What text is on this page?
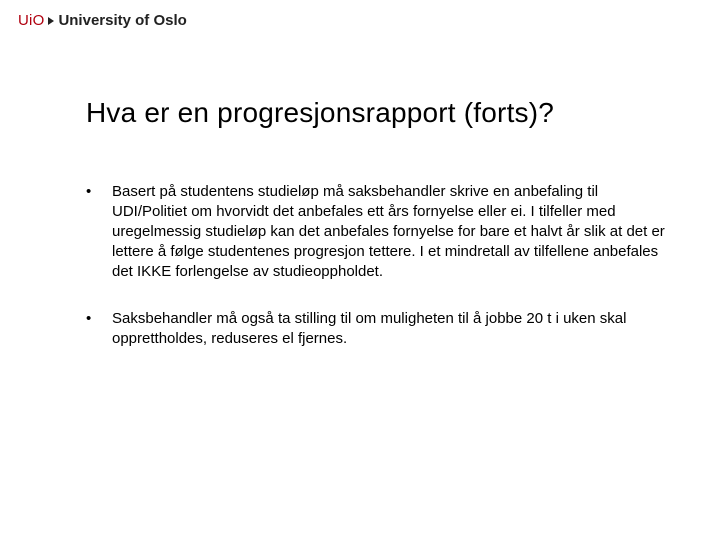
UiO University of Oslo
Hva er en progresjonsrapport (forts)?
•	Basert på studentens studieløp må saksbehandler skrive en anbefaling til UDI/Politiet om hvorvidt det anbefales ett års fornyelse eller ei. I tilfeller med uregelmessig studieløp kan det anbefales fornyelse for bare et halvt år slik at det er lettere å følge studentenes progresjon tettere. I et mindretall av tilfellene anbefales det IKKE forlengelse av studieoppholdet.
•	Saksbehandler må også ta stilling til om muligheten til å jobbe 20 t i uken skal opprettholdes, reduseres el fjernes.
